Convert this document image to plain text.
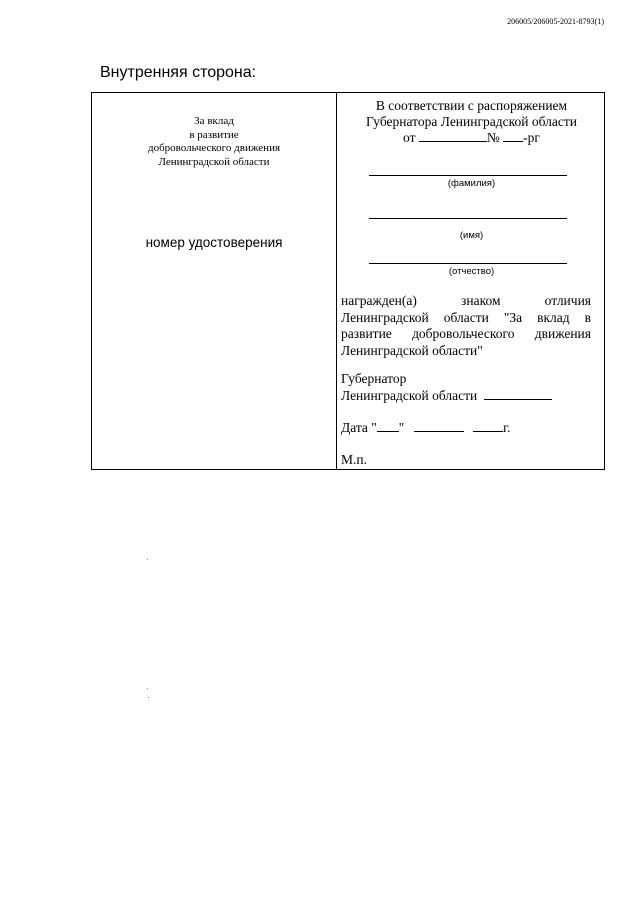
206005/206005-2021-8793(1)
Внутренняя сторона:
За вклад
в развитие
добровольческого движения
Ленинградской области
номер удостоверения
В соответствии с распоряжением
Губернатора Ленинградской области
от	№ -рг
(фамилия)
(имя)
(отчество)
награжден(а) знаком отличия Ленинградской области "За вклад в развитие добровольческого движения Ленинградской области"
Губернатор
Ленинградской области
Дата " "	г.
М.п.
